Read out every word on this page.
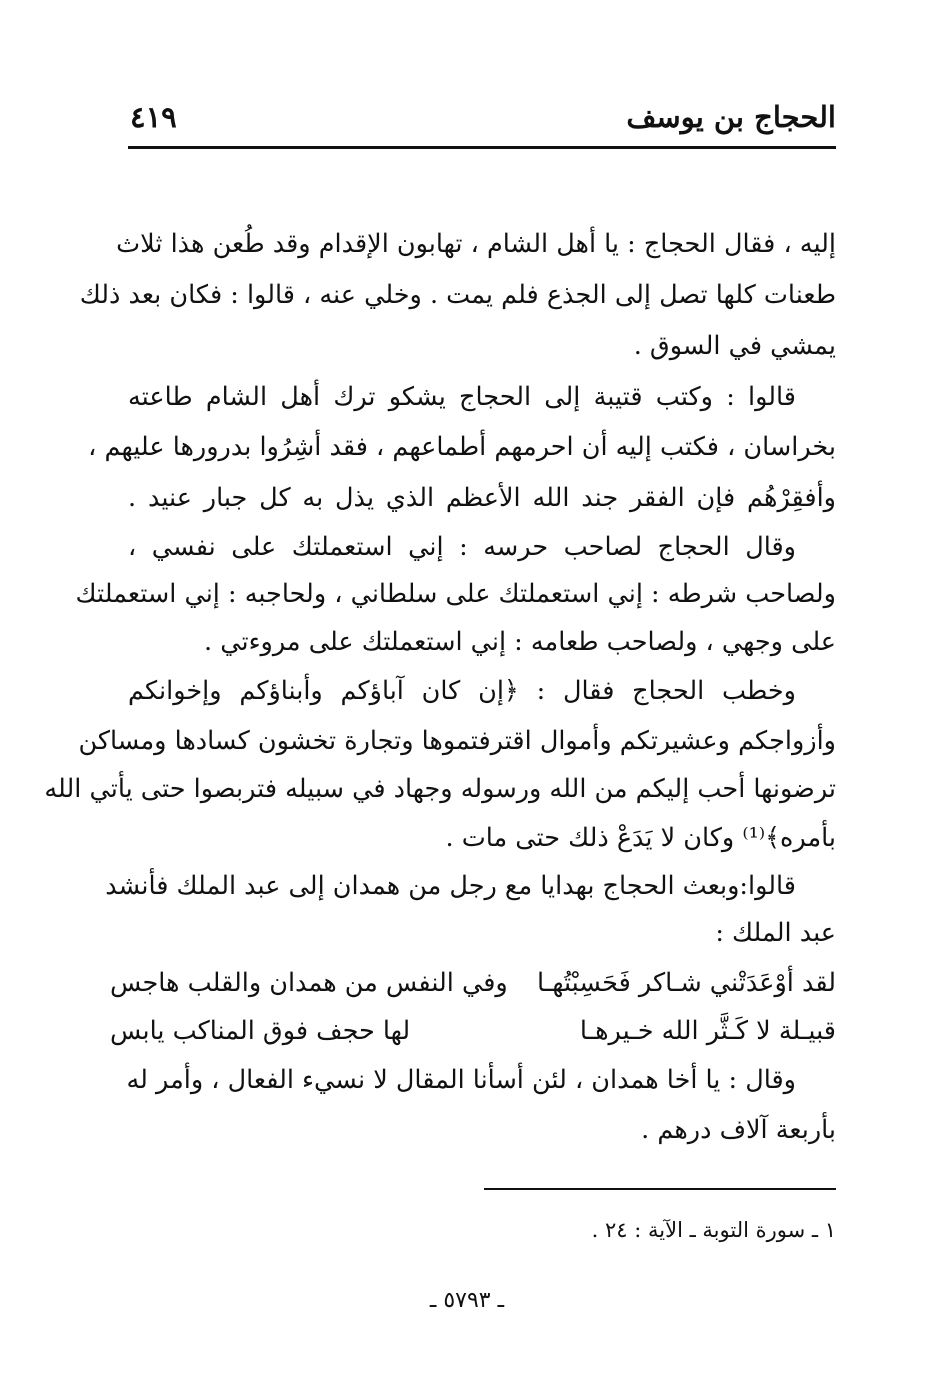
الحجاج بن يوسف
٤١٩
إليه ، فقال الحجاج : يا أهل الشام ، تهابون الإقدام وقد طُعن هذا ثلاث
طعنات كلها تصل إلى الجذع فلم يمت . وخلي عنه ، قالوا : فكان بعد ذلك
يمشي في السوق .
قالوا : وكتب قتيبة إلى الحجاج يشكو ترك أهل الشام طاعته
بخراسان ، فكتب إليه أن احرمهم أطماعهم ، فقد أشِرُوا بدرورها عليهم ،
وأفقِرْهُم فإن الفقر جند الله الأعظم الذي يذل به كل جبار عنيد .
وقال الحجاج لصاحب حرسه : إني استعملتك على نفسي ،
ولصاحب شرطه : إني استعملتك على سلطاني ، ولحاجبه : إني استعملتك
على وجهي ، ولصاحب طعامه : إني استعملتك على مروءتي .
وخطب الحجاج فقال : ﴿إن كان آباؤكم وأبناؤكم وإخوانكم
وأزواجكم وعشيرتكم وأموال اقترفتموها وتجارة تخشون كسادها ومساكن
ترضونها أحب إليكم من الله ورسوله وجهاد في سبيله فتربصوا حتى يأتي الله
بأمره﴾⁽¹⁾ وكان لا يَدَعْ ذلك حتى مات .
قالوا:وبعث الحجاج بهدايا مع رجل من همدان إلى عبد الملك فأنشد
عبد الملك :
لقد أوْعَدَتْني شـاكر فَحَسِبْتُهـا
وفي النفس من همدان والقلب هاجس
قبيـلة لا كَـثَّر الله خـيرهـا
لها حجف فوق المناكب يابس
وقال : يا أخا همدان ، لئن أسأنا المقال لا نسيء الفعال ، وأمر له
بأربعة آلاف درهم .
١ ـ سورة التوبة ـ الآية : ٢٤ .
ـ ٥٧٩٣ ـ
